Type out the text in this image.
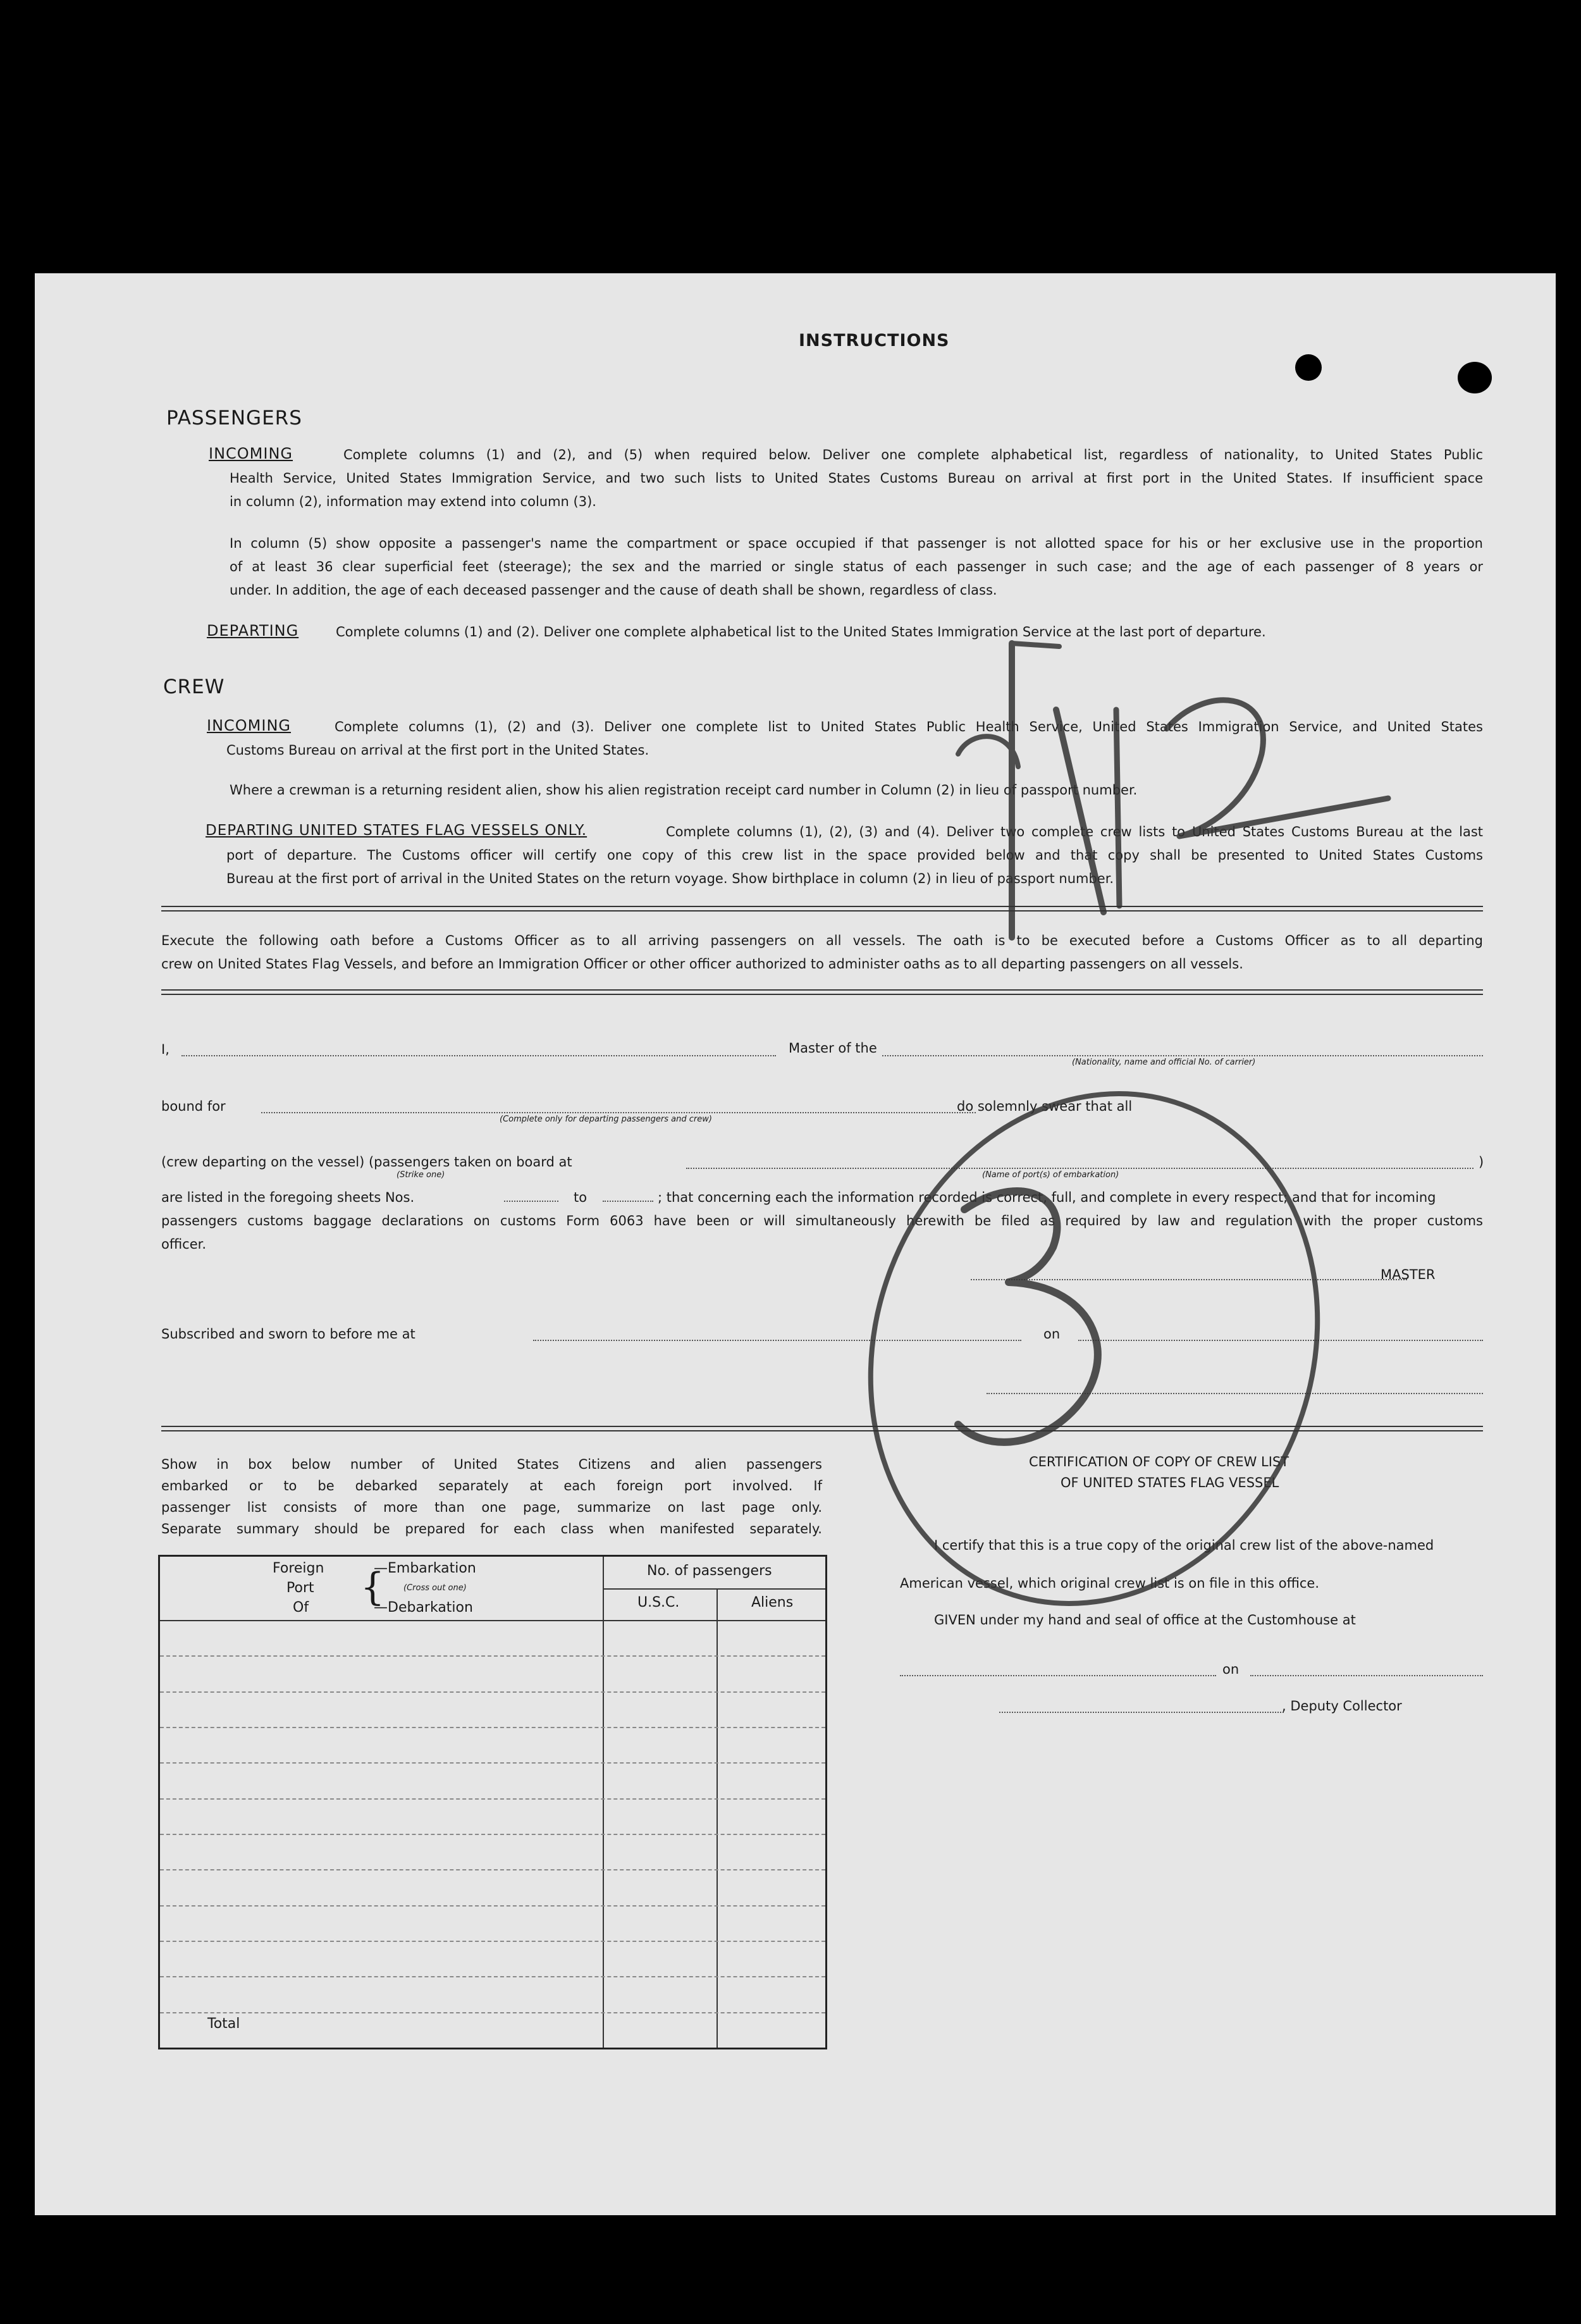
INSTRUCTIONS
PASSENGERS
INCOMING	Complete columns (1) and (2), and (5) when required below. Deliver one complete alphabetical list, regardless of nationality, to United States Public
Health Service, United States Immigration Service, and two such lists to United States Customs Bureau on arrival at first port in the United States. If insufficient space
in column (2), information may extend into column (3).
In column (5) show opposite a passenger's name the compartment or space occupied if that passenger is not allotted space for his or her exclusive use in the proportion
of at least 36 clear superficial feet (steerage); the sex and the married or single status of each passenger in such case; and the age of each passenger of 8 years or
under. In addition, the age of each deceased passenger and the cause of death shall be shown, regardless of class.
DEPARTING	Complete columns (1) and (2). Deliver one complete alphabetical list to the United States Immigration Service at the last port of departure.
CREW
INCOMING	Complete columns (1), (2) and (3). Deliver one complete list to United States Public Health Service, United States Immigration Service, and United States
Customs Bureau on arrival at the first port in the United States.
Where a crewman is a returning resident alien, show his alien registration receipt card number in Column (2) in lieu of passport number.
DEPARTING UNITED STATES FLAG VESSELS ONLY.	Complete columns (1), (2), (3) and (4). Deliver two complete crew lists to United States Customs Bureau at the last
port of departure. The Customs officer will certify one copy of this crew list in the space provided below and that copy shall be presented to United States Customs
Bureau at the first port of arrival in the United States on the return voyage. Show birthplace in column (2) in lieu of passport number.
Execute the following oath before a Customs Officer as to all arriving passengers on all vessels. The oath is to be executed before a Customs Officer as to all departing
crew on United States Flag Vessels, and before an Immigration Officer or other officer authorized to administer oaths as to all departing passengers on all vessels.
I,	Master of the
(Nationality, name and official No. of carrier)
bound for
(Complete only for departing passengers and crew)
do solemnly swear that all
(crew departing on the vessel) (passengers taken on board at	)
(Strike one)	(Name of port(s) of embarkation)
are listed in the foregoing sheets Nos.	to	; that concerning each the information recorded is correct, full, and complete in every respect; and that for incoming
passengers customs baggage declarations on customs Form 6063 have been or will simultaneously herewith be filed as required by law and regulation with the proper customs
officer.
MASTER
Subscribed and sworn to before me at	on
Show in box below number of United States Citizens and alien passengers
embarked or to be debarked separately at each foreign port involved. If
passenger list consists of more than one page, summarize on last page only.
Separate summary should be prepared for each class when manifested separately.
Foreign
Port
Of {
—Embarkation
(Cross out one)
—Debarkation
No. of passengers
U.S.C.	Aliens
Total
CERTIFICATION OF COPY OF CREW LIST
OF UNITED STATES FLAG VESSEL
I certify that this is a true copy of the original crew list of the above-named
American vessel, which original crew list is on file in this office.
GIVEN under my hand and seal of office at the Customhouse at
on
, Deputy Collector
